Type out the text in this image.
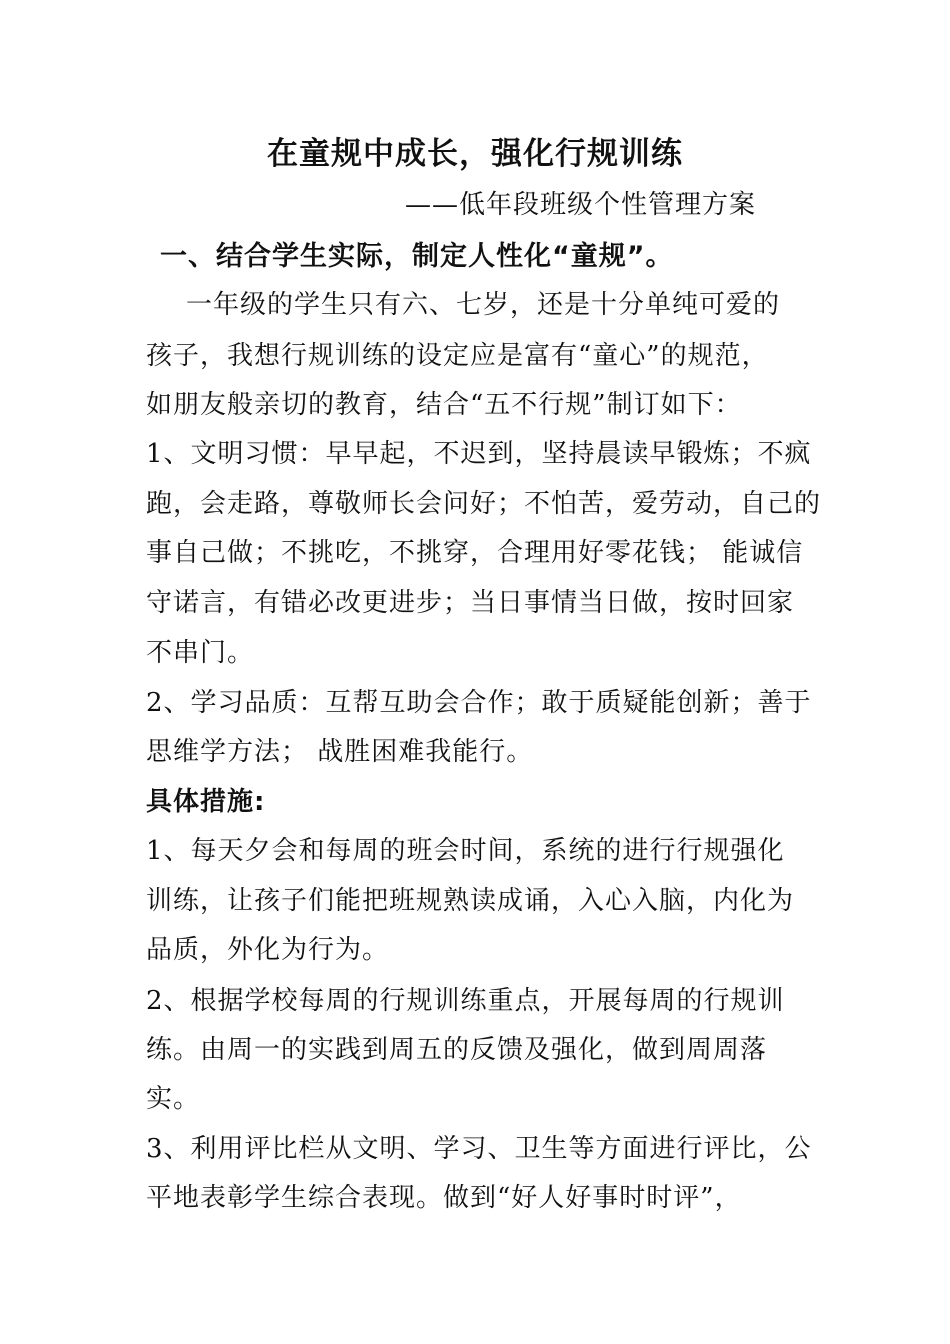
在童规中成长，强化行规训练
——低年段班级个性管理方案
一、结合学生实际，制定人性化“童规”。
一年级的学生只有六、七岁，还是十分单纯可爱的
孩子，我想行规训练的设定应是富有“童心”的规范，
如朋友般亲切的教育，结合“五不行规”制订如下：
1、文明习惯：早早起，不迟到，坚持晨读早锻炼；不疯
跑，会走路，尊敬师长会问好；不怕苦，爱劳动，自己的
事自己做；不挑吃，不挑穿，合理用好零花钱； 能诚信
守诺言，有错必改更进步；当日事情当日做，按时回家
不串门。
2、学习品质：互帮互助会合作；敢于质疑能创新；善于
思维学方法； 战胜困难我能行。
具体措施:
1、每天夕会和每周的班会时间，系统的进行行规强化
训练，让孩子们能把班规熟读成诵，入心入脑，内化为
品质，外化为行为。
2、根据学校每周的行规训练重点，开展每周的行规训
练。由周一的实践到周五的反馈及强化，做到周周落
实。
3、利用评比栏从文明、学习、卫生等方面进行评比，公
平地表彰学生综合表现。做到“好人好事时时评”，
